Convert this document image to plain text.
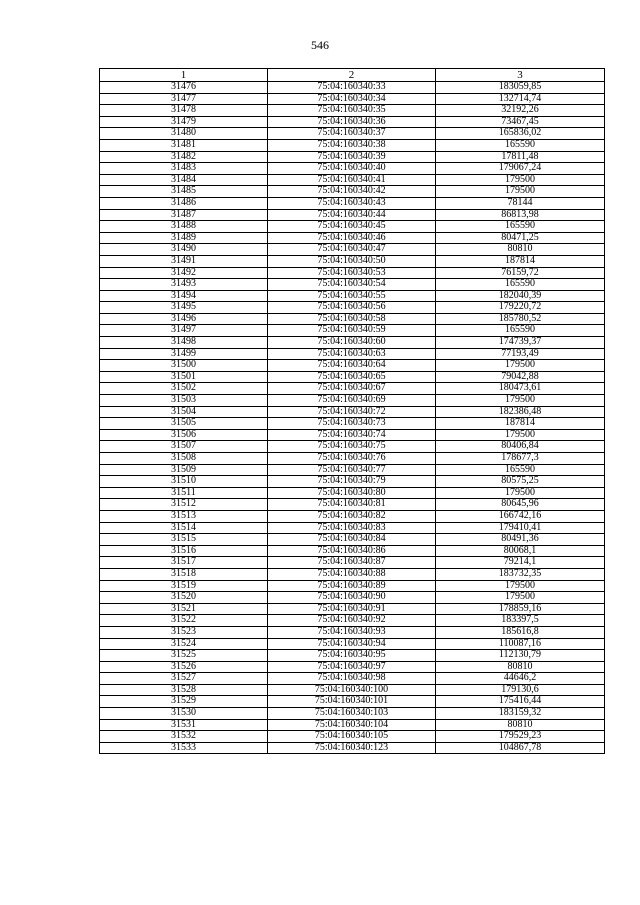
546
1	2	3
31476	75:04:160340:33	183059,85
31477	75:04:160340:34	132714,74
31478	75:04:160340:35	32192,26
31479	75:04:160340:36	73467,45
31480	75:04:160340:37	165836,02
31481	75:04:160340:38	165590
31482	75:04:160340:39	17811,48
31483	75:04:160340:40	179067,24
31484	75:04:160340:41	179500
31485	75:04:160340:42	179500
31486	75:04:160340:43	78144
31487	75:04:160340:44	86813,98
31488	75:04:160340:45	165590
31489	75:04:160340:46	80471,25
31490	75:04:160340:47	80810
31491	75:04:160340:50	187814
31492	75:04:160340:53	76159,72
31493	75:04:160340:54	165590
31494	75:04:160340:55	182040,39
31495	75:04:160340:56	179220,72
31496	75:04:160340:58	185780,52
31497	75:04:160340:59	165590
31498	75:04:160340:60	174739,37
31499	75:04:160340:63	77193,49
31500	75:04:160340:64	179500
31501	75:04:160340:65	79042,88
31502	75:04:160340:67	180473,61
31503	75:04:160340:69	179500
31504	75:04:160340:72	182386,48
31505	75:04:160340:73	187814
31506	75:04:160340:74	179500
31507	75:04:160340:75	80406,84
31508	75:04:160340:76	178677,3
31509	75:04:160340:77	165590
31510	75:04:160340:79	80575,25
31511	75:04:160340:80	179500
31512	75:04:160340:81	80645,96
31513	75:04:160340:82	166742,16
31514	75:04:160340:83	179410,41
31515	75:04:160340:84	80491,36
31516	75:04:160340:86	80068,1
31517	75:04:160340:87	79214,1
31518	75:04:160340:88	183732,35
31519	75:04:160340:89	179500
31520	75:04:160340:90	179500
31521	75:04:160340:91	178859,16
31522	75:04:160340:92	183397,5
31523	75:04:160340:93	185616,8
31524	75:04:160340:94	110087,16
31525	75:04:160340:95	112130,79
31526	75:04:160340:97	80810
31527	75:04:160340:98	44646,2
31528	75:04:160340:100	179130,6
31529	75:04:160340:101	175416,44
31530	75:04:160340:103	183159,32
31531	75:04:160340:104	80810
31532	75:04:160340:105	179529,23
31533	75:04:160340:123	104867,78
